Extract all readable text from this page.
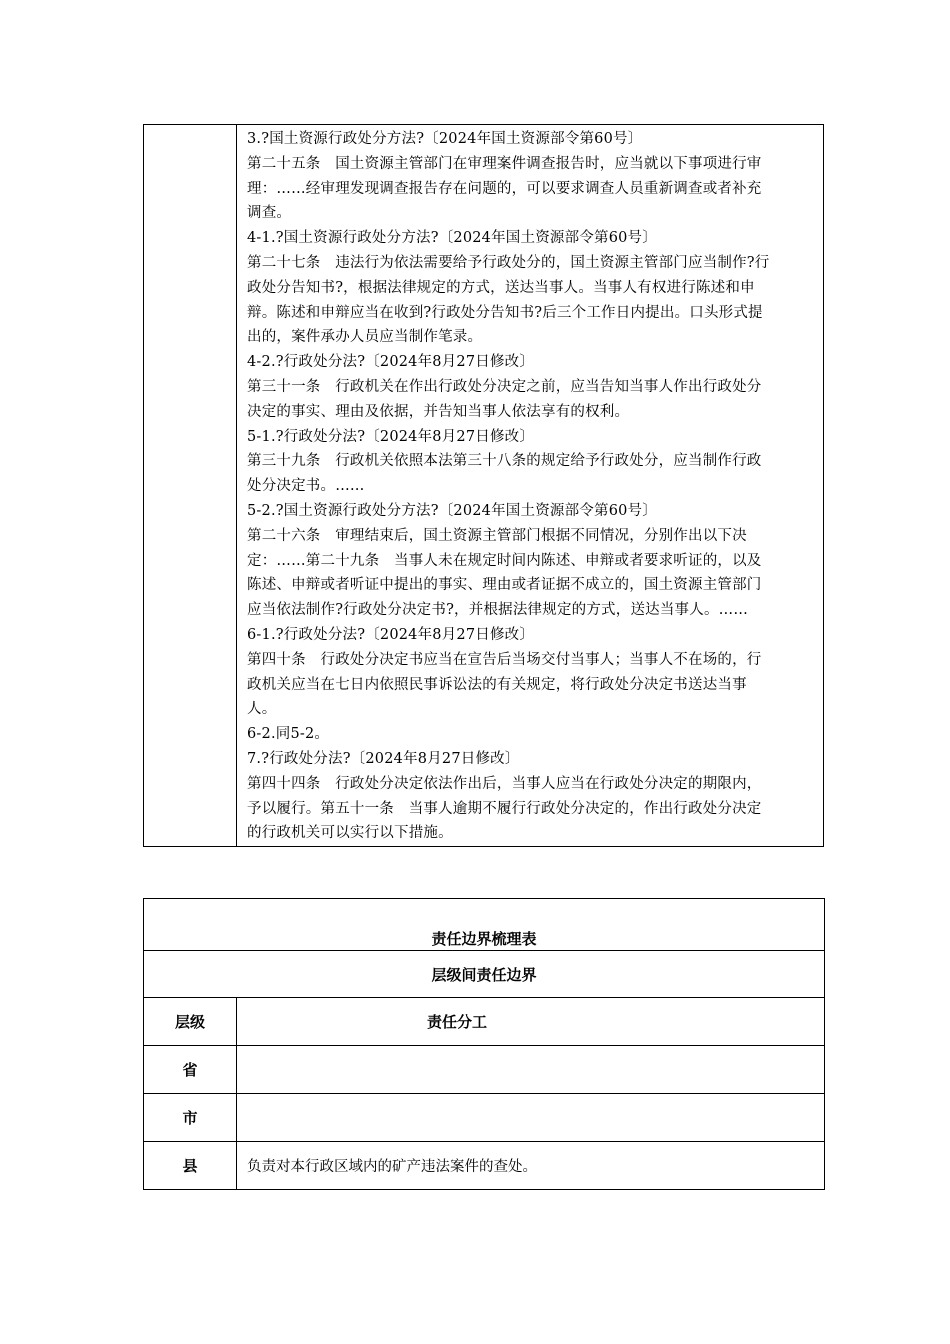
3.?国土资源行政处分方法?〔2024年国土资源部令第60号〕
第二十五条　国土资源主管部门在审理案件调查报告时，应当就以下事项进行审
理：……经审理发现调查报告存在问题的，可以要求调查人员重新调查或者补充
调查。
4-1.?国土资源行政处分方法?〔2024年国土资源部令第60号〕
第二十七条　违法行为依法需要给予行政处分的，国土资源主管部门应当制作?行
政处分告知书?，根据法律规定的方式，送达当事人。当事人有权进行陈述和申
辩。陈述和申辩应当在收到?行政处分告知书?后三个工作日内提出。口头形式提
出的，案件承办人员应当制作笔录。
4-2.?行政处分法?〔2024年8月27日修改〕
第三十一条　行政机关在作出行政处分决定之前，应当告知当事人作出行政处分
决定的事实、理由及依据，并告知当事人依法享有的权利。
5-1.?行政处分法?〔2024年8月27日修改〕
第三十九条　行政机关依照本法第三十八条的规定给予行政处分，应当制作行政
处分决定书。……
5-2.?国土资源行政处分方法?〔2024年国土资源部令第60号〕
第二十六条　审理结束后，国土资源主管部门根据不同情况，分别作出以下决
定：……第二十九条　当事人未在规定时间内陈述、申辩或者要求听证的，以及
陈述、申辩或者听证中提出的事实、理由或者证据不成立的，国土资源主管部门
应当依法制作?行政处分决定书?，并根据法律规定的方式，送达当事人。……
6-1.?行政处分法?〔2024年8月27日修改〕
第四十条　行政处分决定书应当在宣告后当场交付当事人；当事人不在场的，行
政机关应当在七日内依照民事诉讼法的有关规定，将行政处分决定书送达当事
人。
6-2.同5-2。
7.?行政处分法?〔2024年8月27日修改〕
第四十四条　行政处分决定依法作出后，当事人应当在行政处分决定的期限内，
予以履行。第五十一条　当事人逾期不履行行政处分决定的，作出行政处分决定
的行政机关可以实行以下措施。
责任边界梳理表
层级间责任边界
层级	责任分工
省
市
县	负责对本行政区域内的矿产违法案件的查处。
